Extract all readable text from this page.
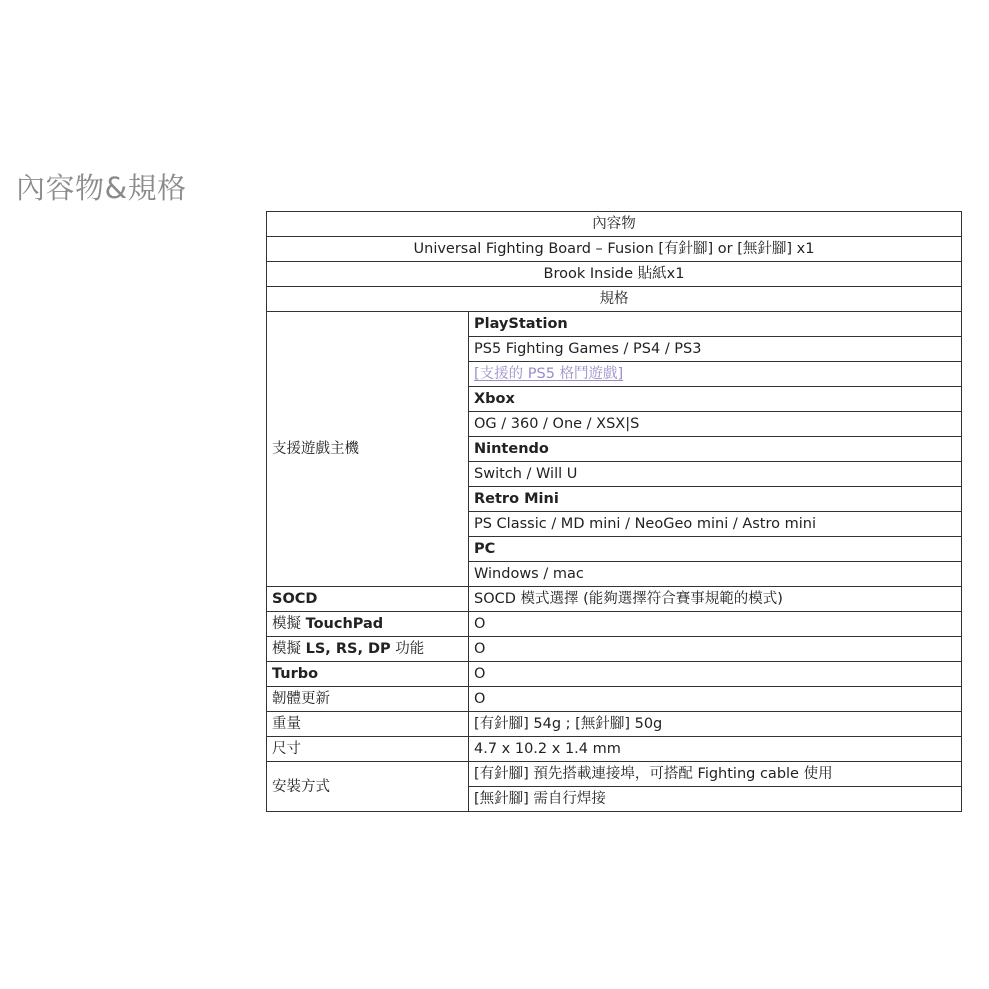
內容物&規格
內容物	
Universal Fighting Board – Fusion [有針腳] or [無針腳] x1	
Brook Inside 貼紙x1	
規格	
支援遊戲主機	PlayStation
	PS5 Fighting Games / PS4 / PS3
	[支援的 PS5 格鬥遊戲]
	Xbox
	OG / 360 / One / XSX|S
	Nintendo
	Switch / Will U
	Retro Mini
	PS Classic / MD mini / NeoGeo mini / Astro mini
	PC
	Windows / mac
SOCD	SOCD 模式選擇 (能夠選擇符合賽事規範的模式)
模擬 TouchPad	O
模擬 LS, RS, DP 功能	O
Turbo	O
韌體更新	O
重量	[有針腳] 54g ; [無針腳] 50g
尺寸	4.7 x 10.2 x 1.4 mm
安裝方式	[有針腳] 預先搭載連接埠，可搭配 Fighting cable 使用
	[無針腳] 需自行焊接
